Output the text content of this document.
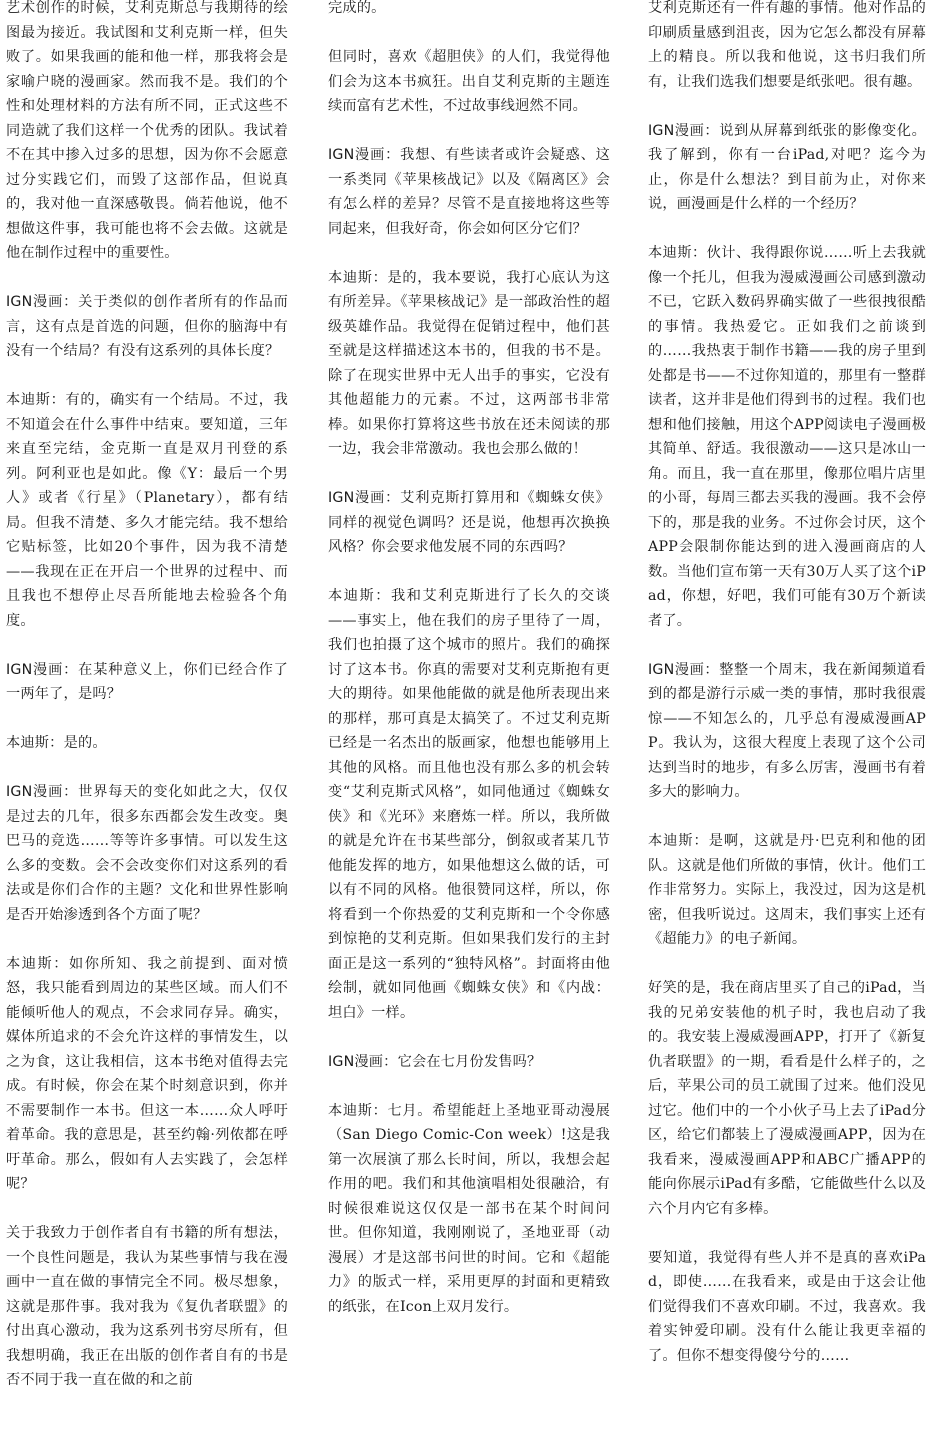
艺术创作的时候，艾利克斯总与我期待的绘图最为接近。我试图和艾利克斯一样，但失败了。如果我画的能和他一样，那我将会是家喻户晓的漫画家。然而我不是。我们的个性和处理材料的方法有所不同，正式这些不同造就了我们这样一个优秀的团队。我试着不在其中掺入过多的思想，因为你不会愿意过分实践它们，而毁了这部作品，但说真的，我对他一直深感敬畏。倘若他说，他不想做这件事，我可能也将不会去做。这就是他在制作过程中的重要性。

IGN漫画：关于类似的创作者所有的作品而言，这有点是首选的问题，但你的脑海中有没有一个结局？有没有这系列的具体长度？

本迪斯：有的，确实有一个结局。不过，我不知道会在什么事件中结束。要知道，三年来直至完结，金克斯一直是双月刊登的系列。阿利亚也是如此。像《Y：最后一个男人》或者《行星》（Planetary），都有结局。但我不清楚、多久才能完结。我不想给它贴标签，比如20个事件，因为我不清楚——我现在正在开启一个世界的过程中、而且我也不想停止尽吾所能地去检验各个角度。

IGN漫画：在某种意义上，你们已经合作了一两年了，是吗？

本迪斯：是的。

IGN漫画：世界每天的变化如此之大，仅仅是过去的几年，很多东西都会发生改变。奥巴马的竞选……等等许多事情。可以发生这么多的变数。会不会改变你们对这系列的看法或是你们合作的主题？文化和世界性影响是否开始渗透到各个方面了呢？

本迪斯：如你所知、我之前提到、面对愤怒，我只能看到周边的某些区域。而人们不能倾听他人的观点，不会求同存异。确实，媒体所追求的不会允许这样的事情发生，以之为食，这让我相信，这本书绝对值得去完成。有时候，你会在某个时刻意识到，你并不需要制作一本书。但这一本……众人呼吁着革命。我的意思是，甚至约翰·列侬都在呼吁革命。那么，假如有人去实践了，会怎样呢？

关于我致力于创作者自有书籍的所有想法，一个良性问题是，我认为某些事情与我在漫画中一直在做的事情完全不同。极尽想象，这就是那件事。我对我为《复仇者联盟》的付出真心激动，我为这系列书穷尽所有，但我想明确，我正在出版的创作者自有的书是否不同于我一直在做的和之前

完成的。

但同时，喜欢《超胆侠》的人们，我觉得他们会为这本书疯狂。出自艾利克斯的主题连续而富有艺术性，不过故事线迥然不同。

IGN漫画：我想、有些读者或许会疑惑、这一系类同《苹果核战记》以及《隔离区》会有怎么样的差异？尽管不是直接地将这些等同起来，但我好奇，你会如何区分它们？

本迪斯：是的，我本要说，我打心底认为这有所差异。《苹果核战记》是一部政治性的超级英雄作品。我觉得在促销过程中，他们甚至就是这样描述这本书的，但我的书不是。除了在现实世界中无人出手的事实，它没有其他超能力的元素。不过，这两部书非常棒。如果你打算将这些书放在还未阅读的那一边，我会非常激动。我也会那么做的！

IGN漫画：艾利克斯打算用和《蜘蛛女侠》同样的视觉色调吗？还是说，他想再次换换风格？你会要求他发展不同的东西吗？

本迪斯：我和艾利克斯进行了长久的交谈——事实上，他在我们的房子里待了一周，我们也拍摄了这个城市的照片。我们的确探讨了这本书。你真的需要对艾利克斯抱有更大的期待。如果他能做的就是他所表现出来的那样，那可真是太搞笑了。不过艾利克斯已经是一名杰出的版画家，他想也能够用上其他的风格。而且他也没有那么多的机会转变“艾利克斯式风格”，如同他通过《蜘蛛女侠》和《光环》来磨炼一样。所以，我所做的就是允许在书某些部分，倒叙或者某几节他能发挥的地方，如果他想这么做的话，可以有不同的风格。他很赞同这样，所以，你将看到一个你热爱的艾利克斯和一个令你感到惊艳的艾利克斯。但如果我们发行的主封面正是这一系列的“独特风格”。封面将由他绘制，就如同他画《蜘蛛女侠》和《内战：坦白》一样。

IGN漫画：它会在七月份发售吗？

本迪斯：七月。希望能赶上圣地亚哥动漫展（San Diego Comic-Con week）!这是我第一次展演了那么长时间，所以，我想会起作用的吧。我们和其他演唱相处很融洽，有时候很难说这仅仅是一部书在某个时间问世。但你知道，我刚刚说了，圣地亚哥（动漫展）才是这部书问世的时间。它和《超能力》的版式一样，采用更厚的封面和更精致的纸张，在Icon上双月发行。

艾利克斯还有一件有趣的事情。他对作品的印刷质量感到沮丧，因为它怎么都没有屏幕上的精良。所以我和他说，这书归我们所有，让我们选我们想要是纸张吧。很有趣。

IGN漫画：说到从屏幕到纸张的影像变化。我了解到，你有一台iPad,对吧？迄今为止，你是什么想法？到目前为止，对你来说，画漫画是什么样的一个经历？

本迪斯：伙计、我得跟你说……听上去我就像一个托儿，但我为漫威漫画公司感到激动不已，它跃入数码界确实做了一些很拽很酷的事情。我热爱它。正如我们之前谈到的……我热衷于制作书籍——我的房子里到处都是书——不过你知道的，那里有一整群读者，这并非是他们得到书的过程。我们也想和他们接触，用这个APP阅读电子漫画极其简单、舒适。我很激动——这只是冰山一角。而且，我一直在那里，像那位唱片店里的小哥，每周三都去买我的漫画。我不会停下的，那是我的业务。不过你会讨厌，这个APP会限制你能达到的进入漫画商店的人数。当他们宣布第一天有30万人买了这个iPad，你想，好吧，我们可能有30万个新读者了。

IGN漫画：整整一个周末，我在新闻频道看到的都是游行示威一类的事情，那时我很震惊——不知怎么的，几乎总有漫威漫画APP。我认为，这很大程度上表现了这个公司达到当时的地步，有多么厉害，漫画书有着多大的影响力。

本迪斯：是啊，这就是丹·巴克利和他的团队。这就是他们所做的事情，伙计。他们工作非常努力。实际上，我没过，因为这是机密，但我听说过。这周末，我们事实上还有《超能力》的电子新闻。

好笑的是，我在商店里买了自己的iPad，当我的兄弟安装他的机子时，我也启动了我的。我安装上漫威漫画APP，打开了《新复仇者联盟》的一期，看看是什么样子的，之后，苹果公司的员工就围了过来。他们没见过它。他们中的一个小伙子马上去了iPad分区，给它们都装上了漫威漫画APP，因为在我看来，漫威漫画APP和ABC广播APP的能向你展示iPad有多酷，它能做些什么以及六个月内它有多棒。

要知道，我觉得有些人并不是真的喜欢iPad，即使……在我看来，或是由于这会让他们觉得我们不喜欢印刷。不过，我喜欢。我着实钟爱印刷。没有什么能让我更幸福的了。但你不想变得傻兮兮的……
